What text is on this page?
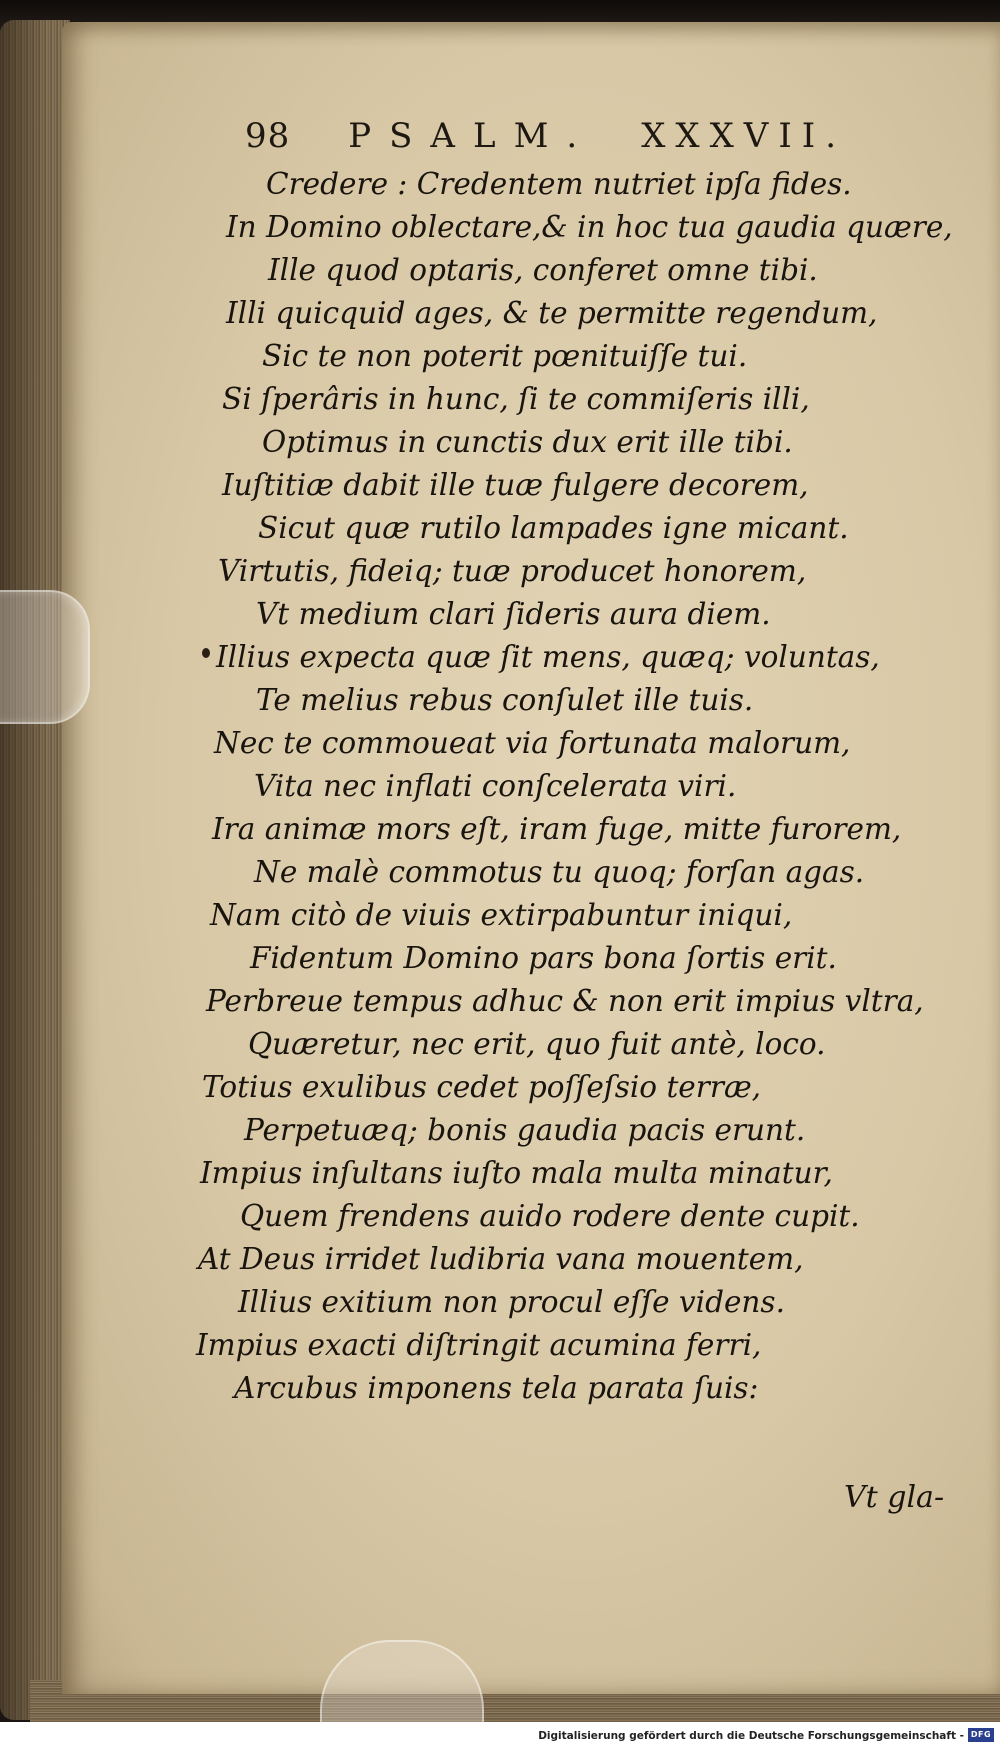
98 PSALM. XXXVII.
Credere : Credentem nutriet ipſa fides.
In Domino oblectare,& in hoc tua gaudia quære,
Ille quod optaris, conferet omne tibi.
Illi quicquid ages, & te permitte regendum,
Sic te non poterit pœnituiſſe tui.
Si ſperâris in hunc, ſi te commiſeris illi,
Optimus in cunctis dux erit ille tibi.
Iuſtitiæ dabit ille tuæ fulgere decorem,
Sicut quæ rutilo lampades igne micant.
Virtutis, fideiq; tuæ producet honorem,
Vt medium clari ſideris aura diem.
Illius expecta quæ ſit mens, quæq; voluntas,
Te melius rebus conſulet ille tuis.
Nec te commoueat via fortunata malorum,
Vita nec inflati conſcelerata viri.
Ira animæ mors eſt, iram fuge, mitte furorem,
Ne malè commotus tu quoq; forſan agas.
Nam citò de viuis extirpabuntur iniqui,
Fidentum Domino pars bona ſortis erit.
Perbreue tempus adhuc & non erit impius vltra,
Quæretur, nec erit, quo fuit antè, loco.
Totius exulibus cedet poſſeſsio terræ,
Perpetuæq; bonis gaudia pacis erunt.
Impius inſultans iuſto mala multa minatur,
Quem frendens auido rodere dente cupit.
At Deus irridet ludibria vana mouentem,
Illius exitium non procul eſſe videns.
Impius exacti diſtringit acumina ferri,
Arcubus imponens tela parata ſuis:
Vt gla-
Digitalisierung gefördert durch die Deutsche Forschungsgemeinschaft - DFG
